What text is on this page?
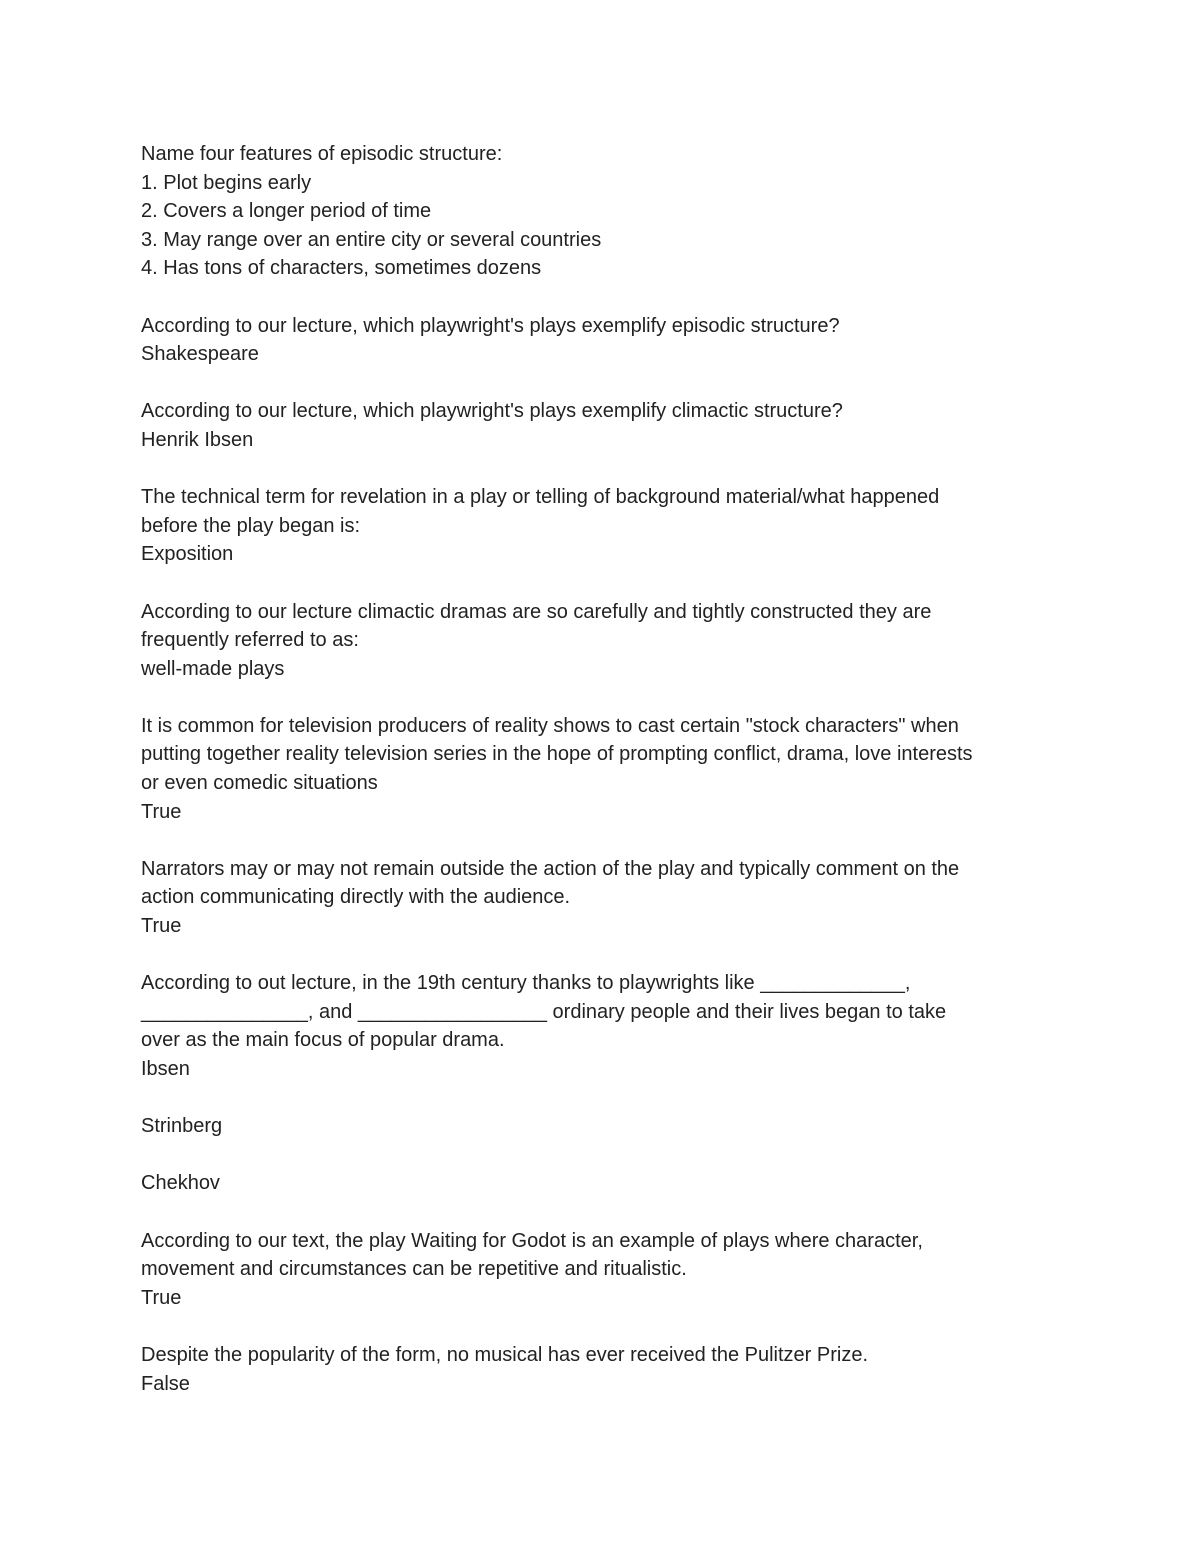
Name four features of episodic structure:
1. Plot begins early
2. Covers a longer period of time
3. May range over an entire city or several countries
4. Has tons of characters, sometimes dozens
According to our lecture, which playwright's plays exemplify episodic structure?
Shakespeare
According to our lecture, which playwright's plays exemplify climactic structure?
Henrik Ibsen
The technical term for revelation in a play or telling of background material/what happened
before the play began is:
Exposition
According to our lecture climactic dramas are so carefully and tightly constructed they are
frequently referred to as:
well-made plays
It is common for television producers of reality shows to cast certain "stock characters" when
putting together reality television series in the hope of prompting conflict, drama, love interests
or even comedic situations
True
Narrators may or may not remain outside the action of the play and typically comment on the
action communicating directly with the audience.
True
According to out lecture, in the 19th century thanks to playwrights like _____________,
_______________, and _________________ ordinary people and their lives began to take
over as the main focus of popular drama.
Ibsen
Strinberg
Chekhov
According to our text, the play Waiting for Godot is an example of plays where character,
movement and circumstances can be repetitive and ritualistic.
True
Despite the popularity of the form, no musical has ever received the Pulitzer Prize.
False
